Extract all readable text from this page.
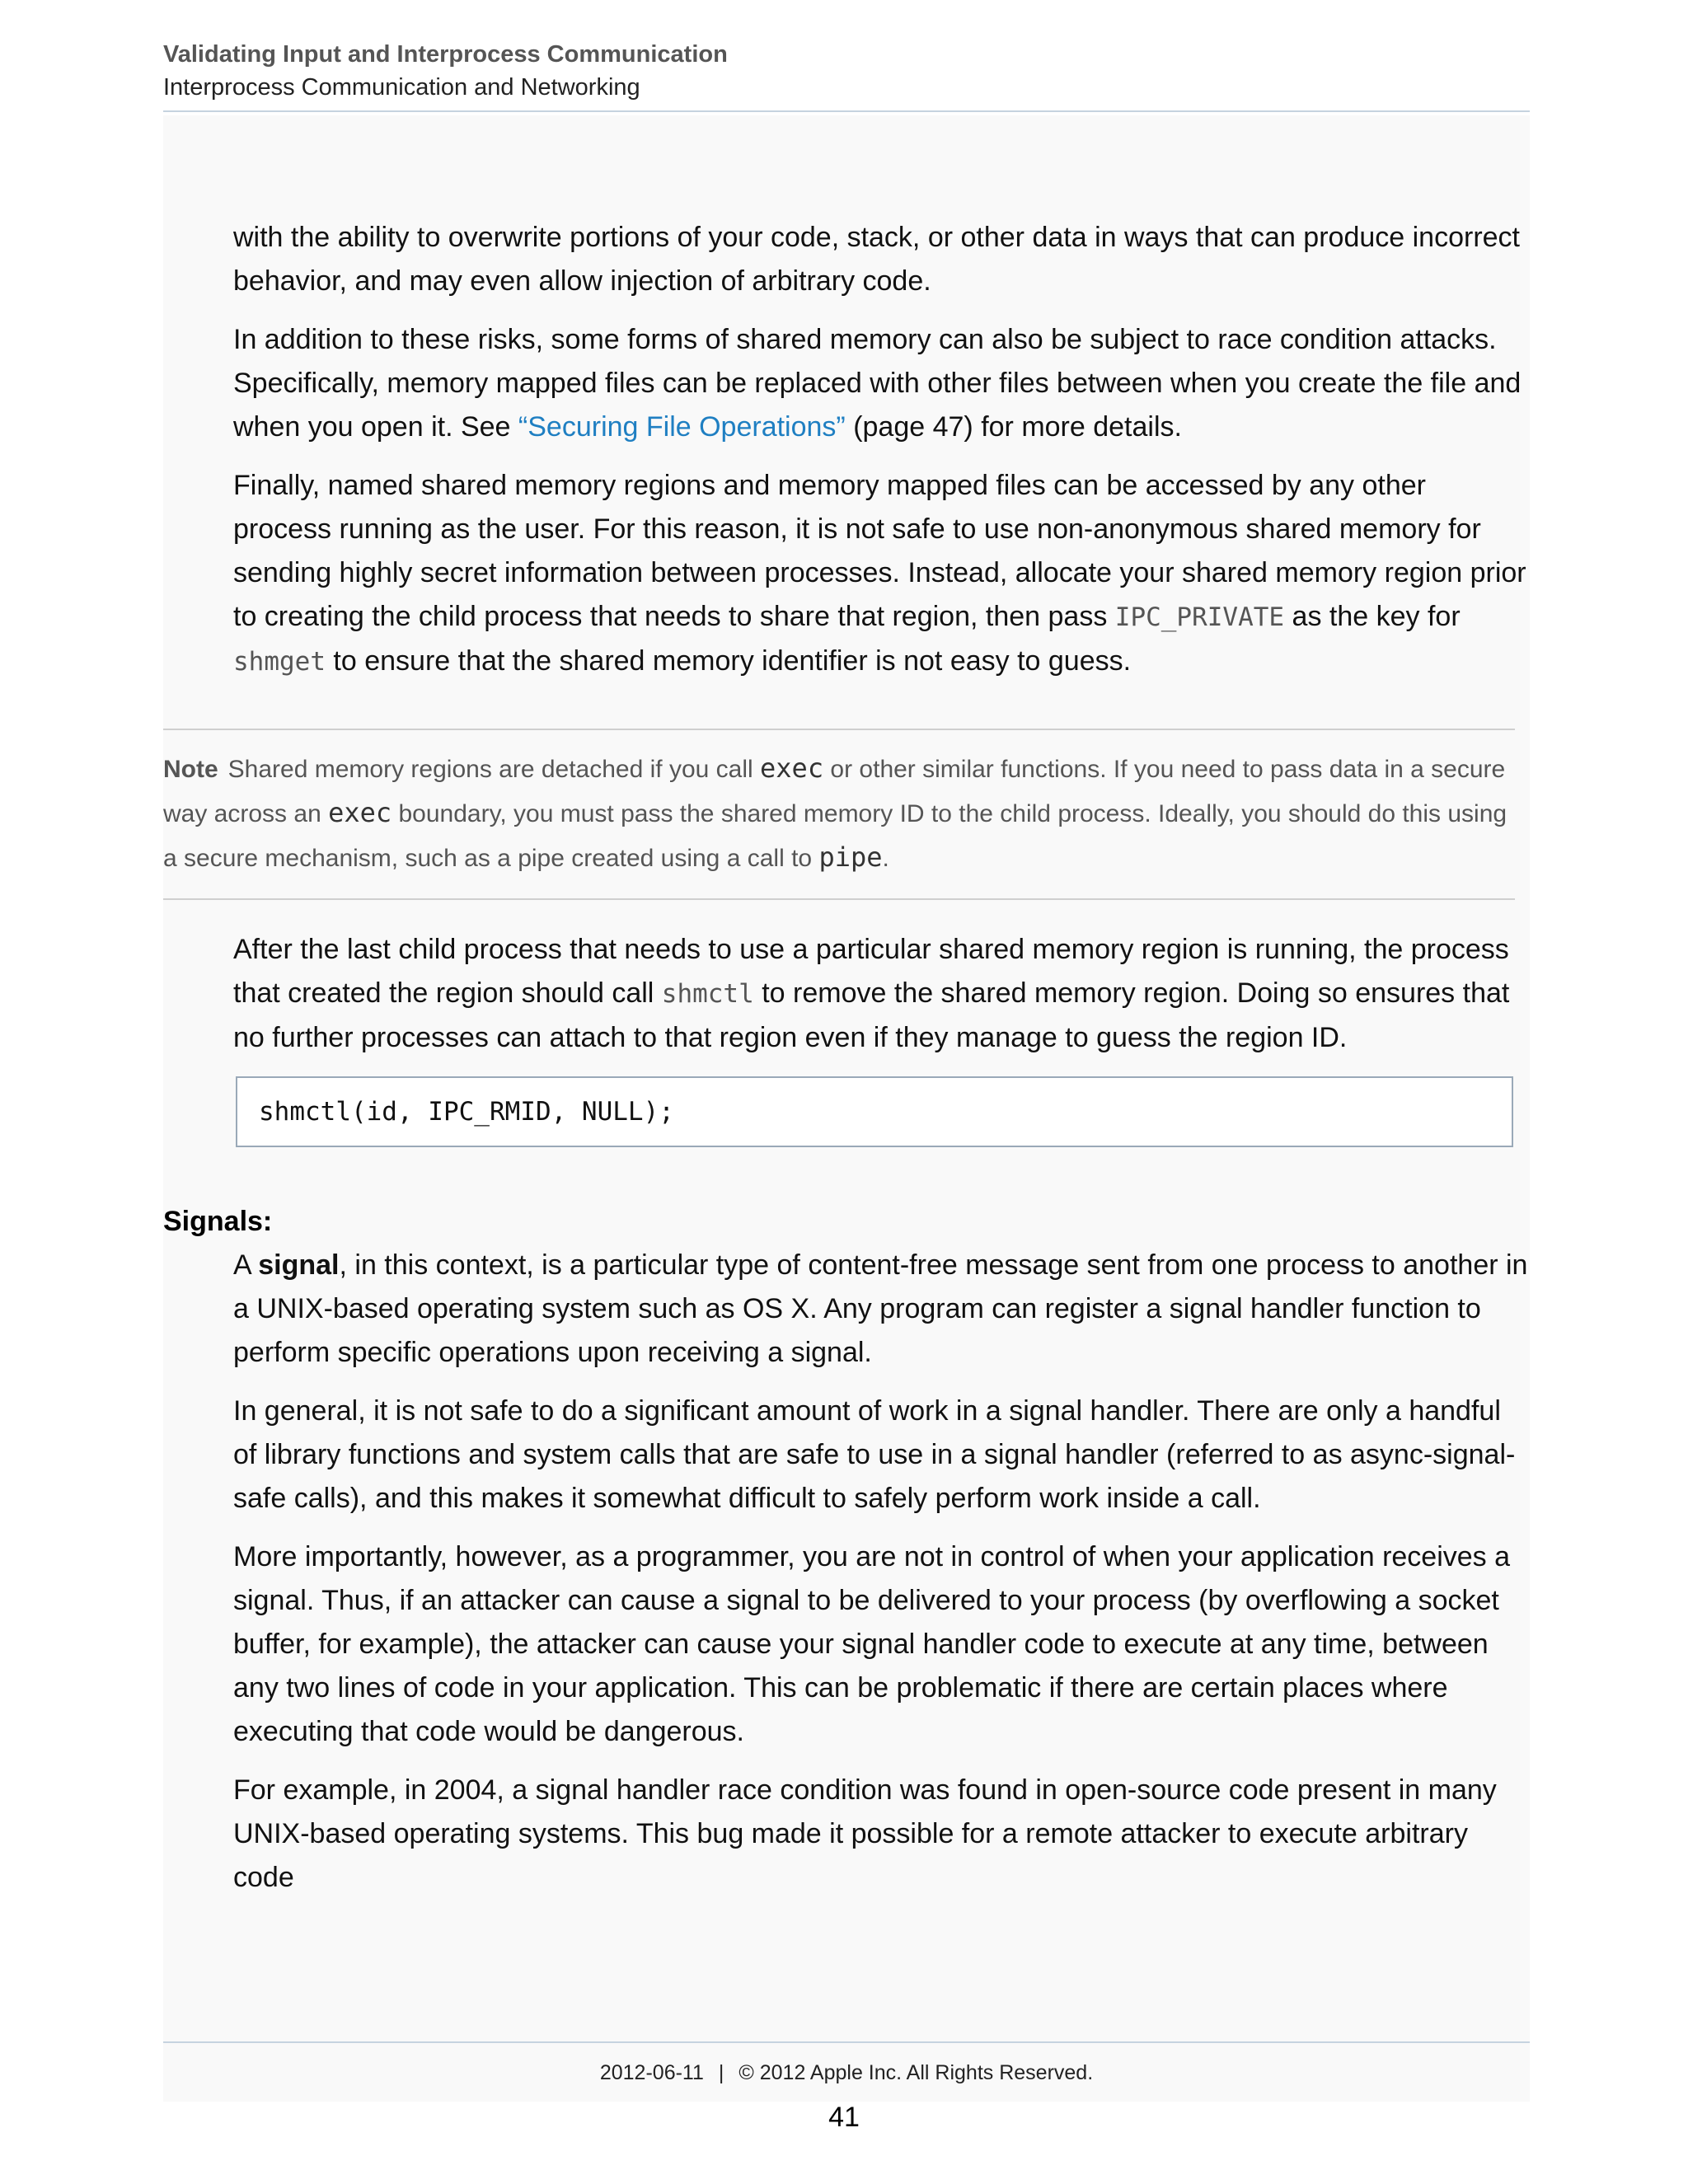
Validating Input and Interprocess Communication
Interprocess Communication and Networking

with the ability to overwrite portions of your code, stack, or other data in ways that can produce incorrect behavior, and may even allow injection of arbitrary code.

In addition to these risks, some forms of shared memory can also be subject to race condition attacks. Specifically, memory mapped files can be replaced with other files between when you create the file and when you open it. See “Securing File Operations” (page 47) for more details.

Finally, named shared memory regions and memory mapped files can be accessed by any other process running as the user. For this reason, it is not safe to use non-anonymous shared memory for sending highly secret information between processes. Instead, allocate your shared memory region prior to creating the child process that needs to share that region, then pass IPC_PRIVATE as the key for shmget to ensure that the shared memory identifier is not easy to guess.

Note Shared memory regions are detached if you call exec or other similar functions. If you need to pass data in a secure way across an exec boundary, you must pass the shared memory ID to the child process. Ideally, you should do this using a secure mechanism, such as a pipe created using a call to pipe.

After the last child process that needs to use a particular shared memory region is running, the process that created the region should call shmctl to remove the shared memory region. Doing so ensures that no further processes can attach to that region even if they manage to guess the region ID.

shmctl(id, IPC_RMID, NULL);
Signals:

A signal, in this context, is a particular type of content-free message sent from one process to another in a UNIX-based operating system such as OS X. Any program can register a signal handler function to perform specific operations upon receiving a signal.

In general, it is not safe to do a significant amount of work in a signal handler. There are only a handful of library functions and system calls that are safe to use in a signal handler (referred to as async-signal-safe calls), and this makes it somewhat difficult to safely perform work inside a call.

More importantly, however, as a programmer, you are not in control of when your application receives a signal. Thus, if an attacker can cause a signal to be delivered to your process (by overflowing a socket buffer, for example), the attacker can cause your signal handler code to execute at any time, between any two lines of code in your application. This can be problematic if there are certain places where executing that code would be dangerous.

For example, in 2004, a signal handler race condition was found in open-source code present in many UNIX-based operating systems. This bug made it possible for a remote attacker to execute arbitrary code

2012-06-11 | © 2012 Apple Inc. All Rights Reserved.
41
